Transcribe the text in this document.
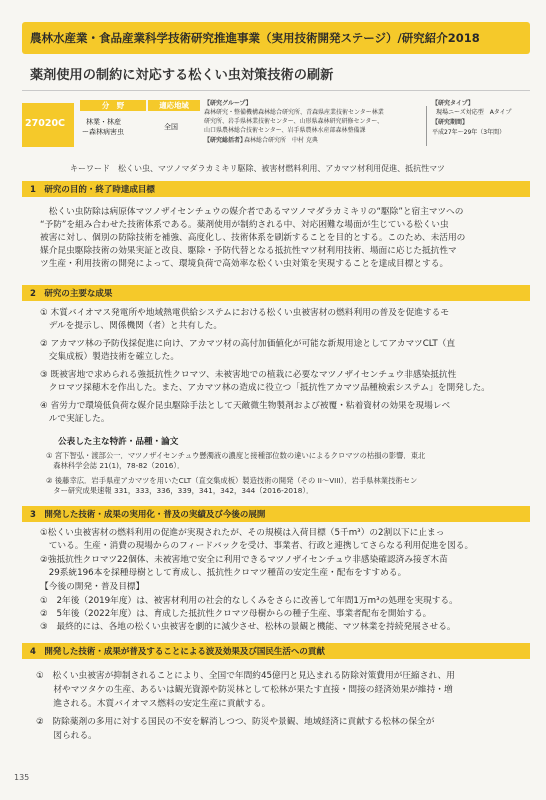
農林水産業・食品産業科学技術研究推進事業（実用技術開発ステージ）/研究紹介2018
薬剤使用の制約に対応する松くい虫対策技術の刷新
27020C
分　野	適応地域
林業・林産
ー森林病害虫
全国
【研究グループ】
森林研究・整備機構森林総合研究所、青森県産業技術センター林業
研究所、岩手県林業技術センター、山形県森林研究研修センター、
山口県農林総合技術センター、岩手県農林水産部森林整備課
【研究総括者】
森林総合研究所　中村 克典
【研究タイプ】
現場ニーズ対応型　Aタイプ
【研究期間】
平成27年～29年（3年間）
キーワード　松くい虫、マツノマダラカミキリ駆除、被害材燃料利用、アカマツ材利用促進、抵抗性マツ
1　研究の目的・終了時達成目標
　松くい虫防除は病原体マツノザイセンチュウの媒介者であるマツノマダラカミキリの“駆除”と宿主マツへの
“予防”を組み合わせた技術体系である。薬剤使用が制約される中、対応困難な場面が生じている松くい虫
被害に対し、個別の防除技術を補強、高度化し、技術体系を刷新することを目的とする。このため、未活用の
媒介昆虫駆除技術の効果実証と改良、駆除・予防代替となる抵抗性マツ材利用技術、場面に応じた抵抗性マ
ツ生産・利用技術の開発によって、環境負荷で高効率な松くい虫対策を実現することを達成目標とする。
2　研究の主要な成果
① 木質バイオマス発電所や地域熱電供給システムにおける松くい虫被害材の燃料利用の普及を促進するモ
　デルを提示し、関係機関（者）と共有した。
② アカマツ林の予防伐採促進に向け、アカマツ材の高付加価値化が可能な新規用途としてアカマツCLT（直
　交集成板）製造技術を確立した。
③ 既被害地で求められる強抵抗性クロマツ、未被害地での植栽に必要なマツノザイセンチュウ非感染抵抗性
　クロマツ採穂木を作出した。また、アカマツ林の造成に役立つ「抵抗性アカマツ品種検索システム」を開発した。
④ 省労力で環境低負荷な媒介昆虫駆除手法として天敵微生物製剤および被覆・粘着資材の効果を現場レベ
　ルで実証した。
公表した主な特許・品種・論文
① 宮下智弘・渡部公一．マツノザイセンチュウ懸濁液の濃度と接種部位数の違いによるクロマツの枯損の影響．東北
　森林科学会誌 21(1)，78-82（2016）．
② 後藤幸広．岩手県産アカマツを用いたCLT（直交集成板）製造技術の開発（その II～VIII）．岩手県林業技術セン
　ター研究成果速報 331，333，336，339，341，342，344（2016-2018）．
3　開発した技術・成果の実用化・普及の実績及び今後の展開
①松くい虫被害材の燃料利用の促進が実現されたが、その規模は入荷目標（5千m³）の2割以下に止まっ
　ている。生産・消費の現場からのフィードバックを受け、事業者、行政と連携してさらなる利用促進を図る。
②強抵抗性クロマツ22個体、未被害地で安全に利用できるマツノザイセンチュウ非感染確認済み接ぎ木苗
　29系統196本を採種母樹として育成し、抵抗性クロマツ種苗の安定生産・配布をすすめる。
【今後の開発・普及目標】
①　2年後（2019年度）は、被害材利用の社会的なしくみをさらに改善して年間1万m³の処理を実現する。
②　5年後（2022年度）は、育成した抵抗性クロマツ母樹からの種子生産、事業者配布を開始する。
③　最終的には、各地の松くい虫被害を劇的に減少させ、松林の景観と機能、マツ林業を持続発展させる。
4　開発した技術・成果が普及することによる波及効果及び国民生活への貢献
①　松くい虫被害が抑制されることにより、全国で年間約45億円と見込まれる防除対策費用が圧縮され、用
　　材やマツタケの生産、あるいは観光資源や防災林として松林が果たす直接・間接の経済効果が維持・増
　　進される。木質バイオマス燃料の安定生産に貢献する。
②　防除薬剤の多用に対する国民の不安を解消しつつ、防災や景観、地域経済に貢献する松林の保全が
　　図られる。
135
